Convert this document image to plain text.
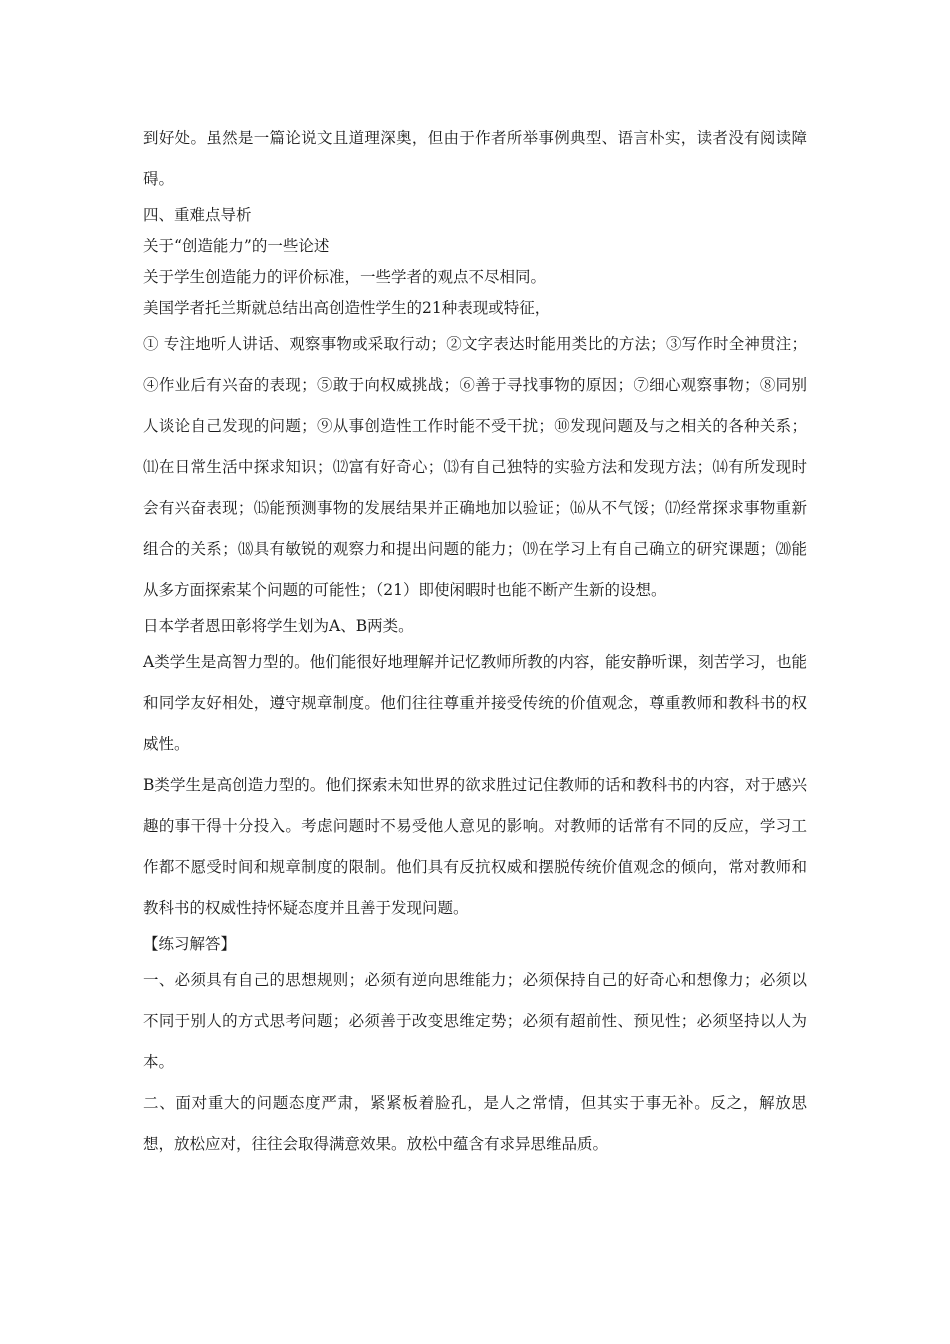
到好处。虽然是一篇论说文且道理深奥，但由于作者所举事例典型、语言朴实，读者没有阅读障碍。

四、重难点导析

关于“创造能力”的一些论述

关于学生创造能力的评价标准，一些学者的观点不尽相同。

美国学者托兰斯就总结出高创造性学生的21种表现或特征，

① 专注地听人讲话、观察事物或采取行动；②文字表达时能用类比的方法；③写作时全神贯注；④作业后有兴奋的表现；⑤敢于向权威挑战；⑥善于寻找事物的原因；⑦细心观察事物；⑧同别人谈论自己发现的问题；⑨从事创造性工作时能不受干扰；⑩发现问题及与之相关的各种关系；⑾在日常生活中探求知识；⑿富有好奇心；⒀有自己独特的实验方法和发现方法；⒁有所发现时会有兴奋表现；⒂能预测事物的发展结果并正确地加以验证；⒃从不气馁；⒄经常探求事物重新组合的关系；⒅具有敏锐的观察力和提出问题的能力；⒆在学习上有自己确立的研究课题；⒇能从多方面探索某个问题的可能性；（21）即使闲暇时也能不断产生新的设想。

日本学者恩田彰将学生划为A、B两类。

A类学生是高智力型的。他们能很好地理解并记忆教师所教的内容，能安静听课，刻苦学习，也能和同学友好相处，遵守规章制度。他们往往尊重并接受传统的价值观念，尊重教师和教科书的权威性。

B类学生是高创造力型的。他们探索未知世界的欲求胜过记住教师的话和教科书的内容，对于感兴趣的事干得十分投入。考虑问题时不易受他人意见的影响。对教师的话常有不同的反应，学习工作都不愿受时间和规章制度的限制。他们具有反抗权威和摆脱传统价值观念的倾向，常对教师和教科书的权威性持怀疑态度并且善于发现问题。

【练习解答】

一、必须具有自己的思想规则；必须有逆向思维能力；必须保持自己的好奇心和想像力；必须以不同于别人的方式思考问题；必须善于改变思维定势；必须有超前性、预见性；必须坚持以人为本。

二、面对重大的问题态度严肃，紧紧板着脸孔，是人之常情，但其实于事无补。反之，解放思想，放松应对，往往会取得满意效果。放松中蕴含有求异思维品质。
